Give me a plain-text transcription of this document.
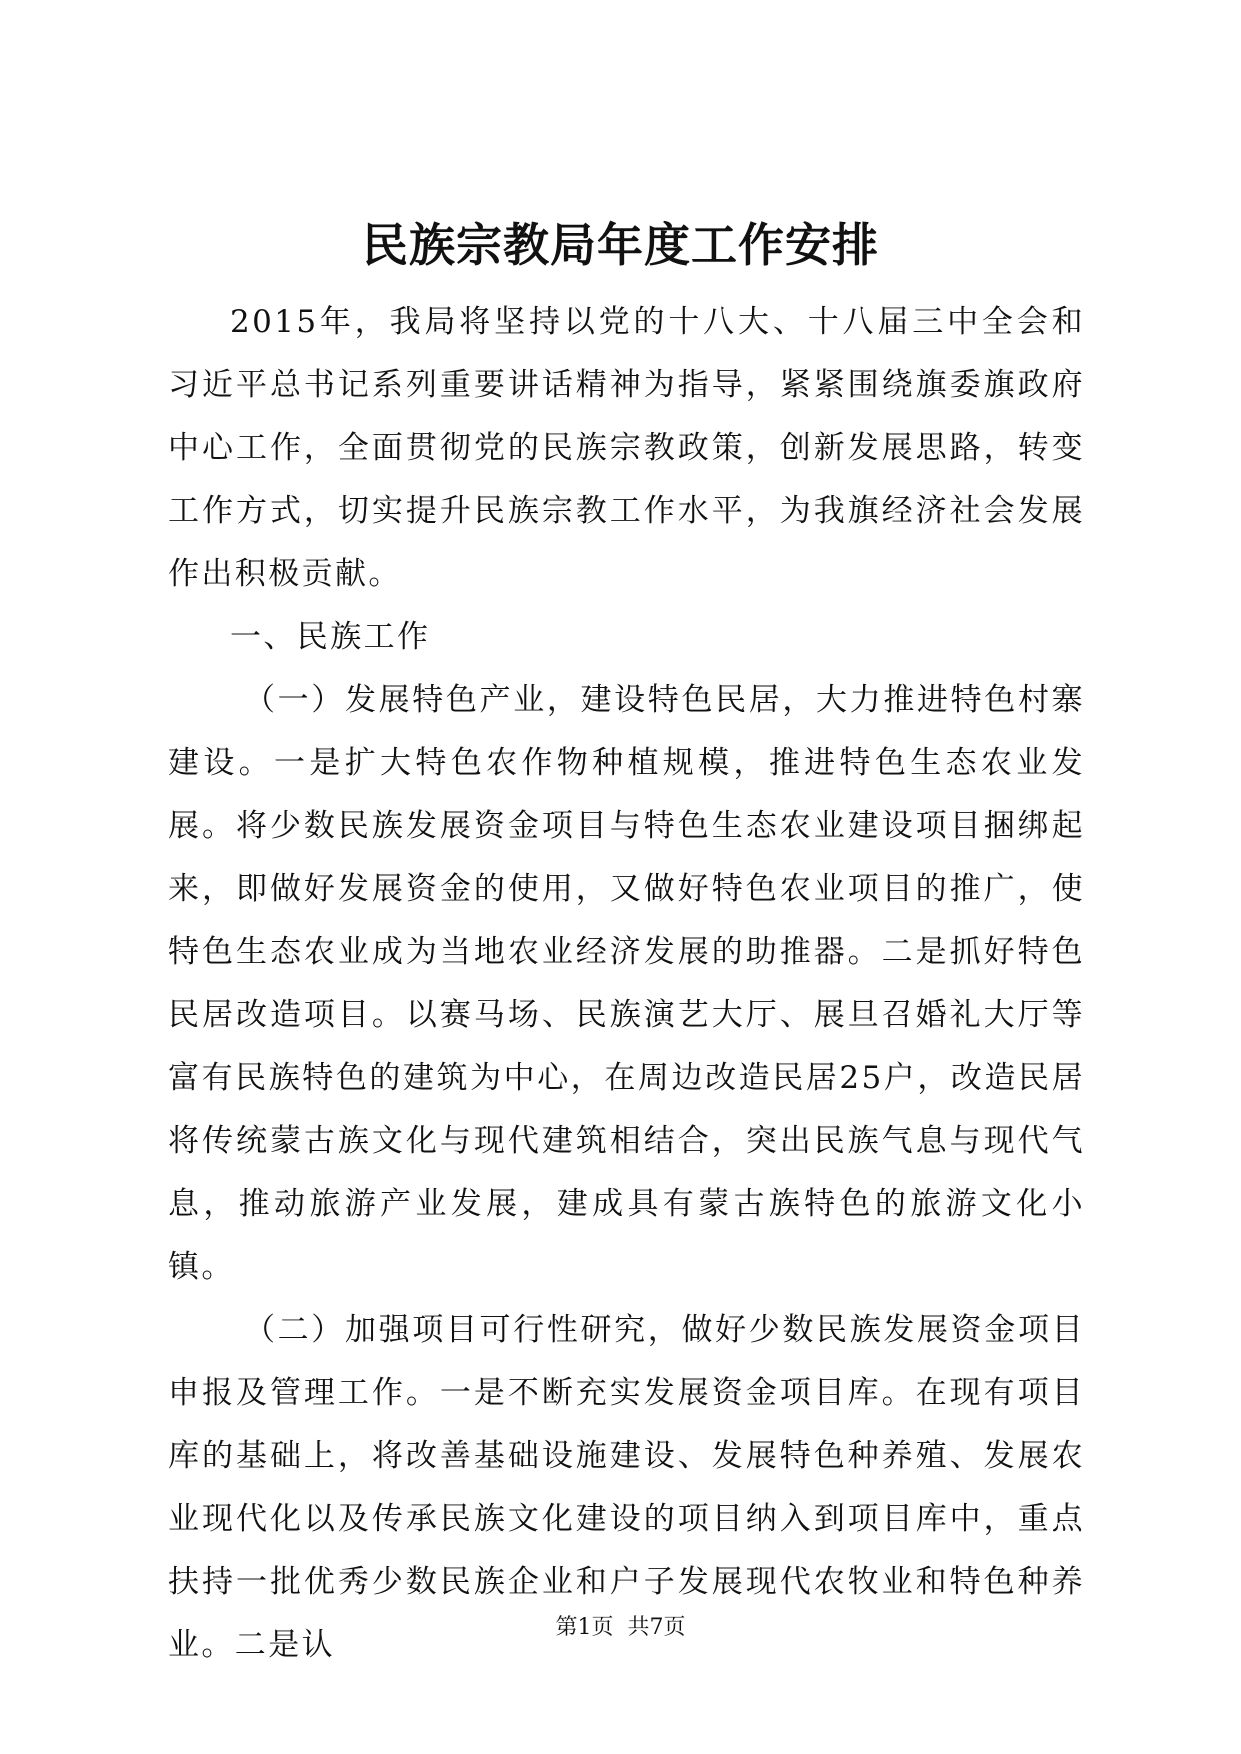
民族宗教局年度工作安排

2015年，我局将坚持以党的十八大、十八届三中全会和习近平总书记系列重要讲话精神为指导，紧紧围绕旗委旗政府中心工作，全面贯彻党的民族宗教政策，创新发展思路，转变工作方式，切实提升民族宗教工作水平，为我旗经济社会发展作出积极贡献。

一、民族工作

（一）发展特色产业，建设特色民居，大力推进特色村寨建设。一是扩大特色农作物种植规模，推进特色生态农业发展。将少数民族发展资金项目与特色生态农业建设项目捆绑起来，即做好发展资金的使用，又做好特色农业项目的推广，使特色生态农业成为当地农业经济发展的助推器。二是抓好特色民居改造项目。以赛马场、民族演艺大厅、展旦召婚礼大厅等富有民族特色的建筑为中心，在周边改造民居25户，改造民居将传统蒙古族文化与现代建筑相结合，突出民族气息与现代气息，推动旅游产业发展，建成具有蒙古族特色的旅游文化小镇。

（二）加强项目可行性研究，做好少数民族发展资金项目申报及管理工作。一是不断充实发展资金项目库。在现有项目库的基础上，将改善基础设施建设、发展特色种养殖、发展农业现代化以及传承民族文化建设的项目纳入到项目库中，重点扶持一批优秀少数民族企业和户子发展现代农牧业和特色种养业。二是认	第1页 共7页
